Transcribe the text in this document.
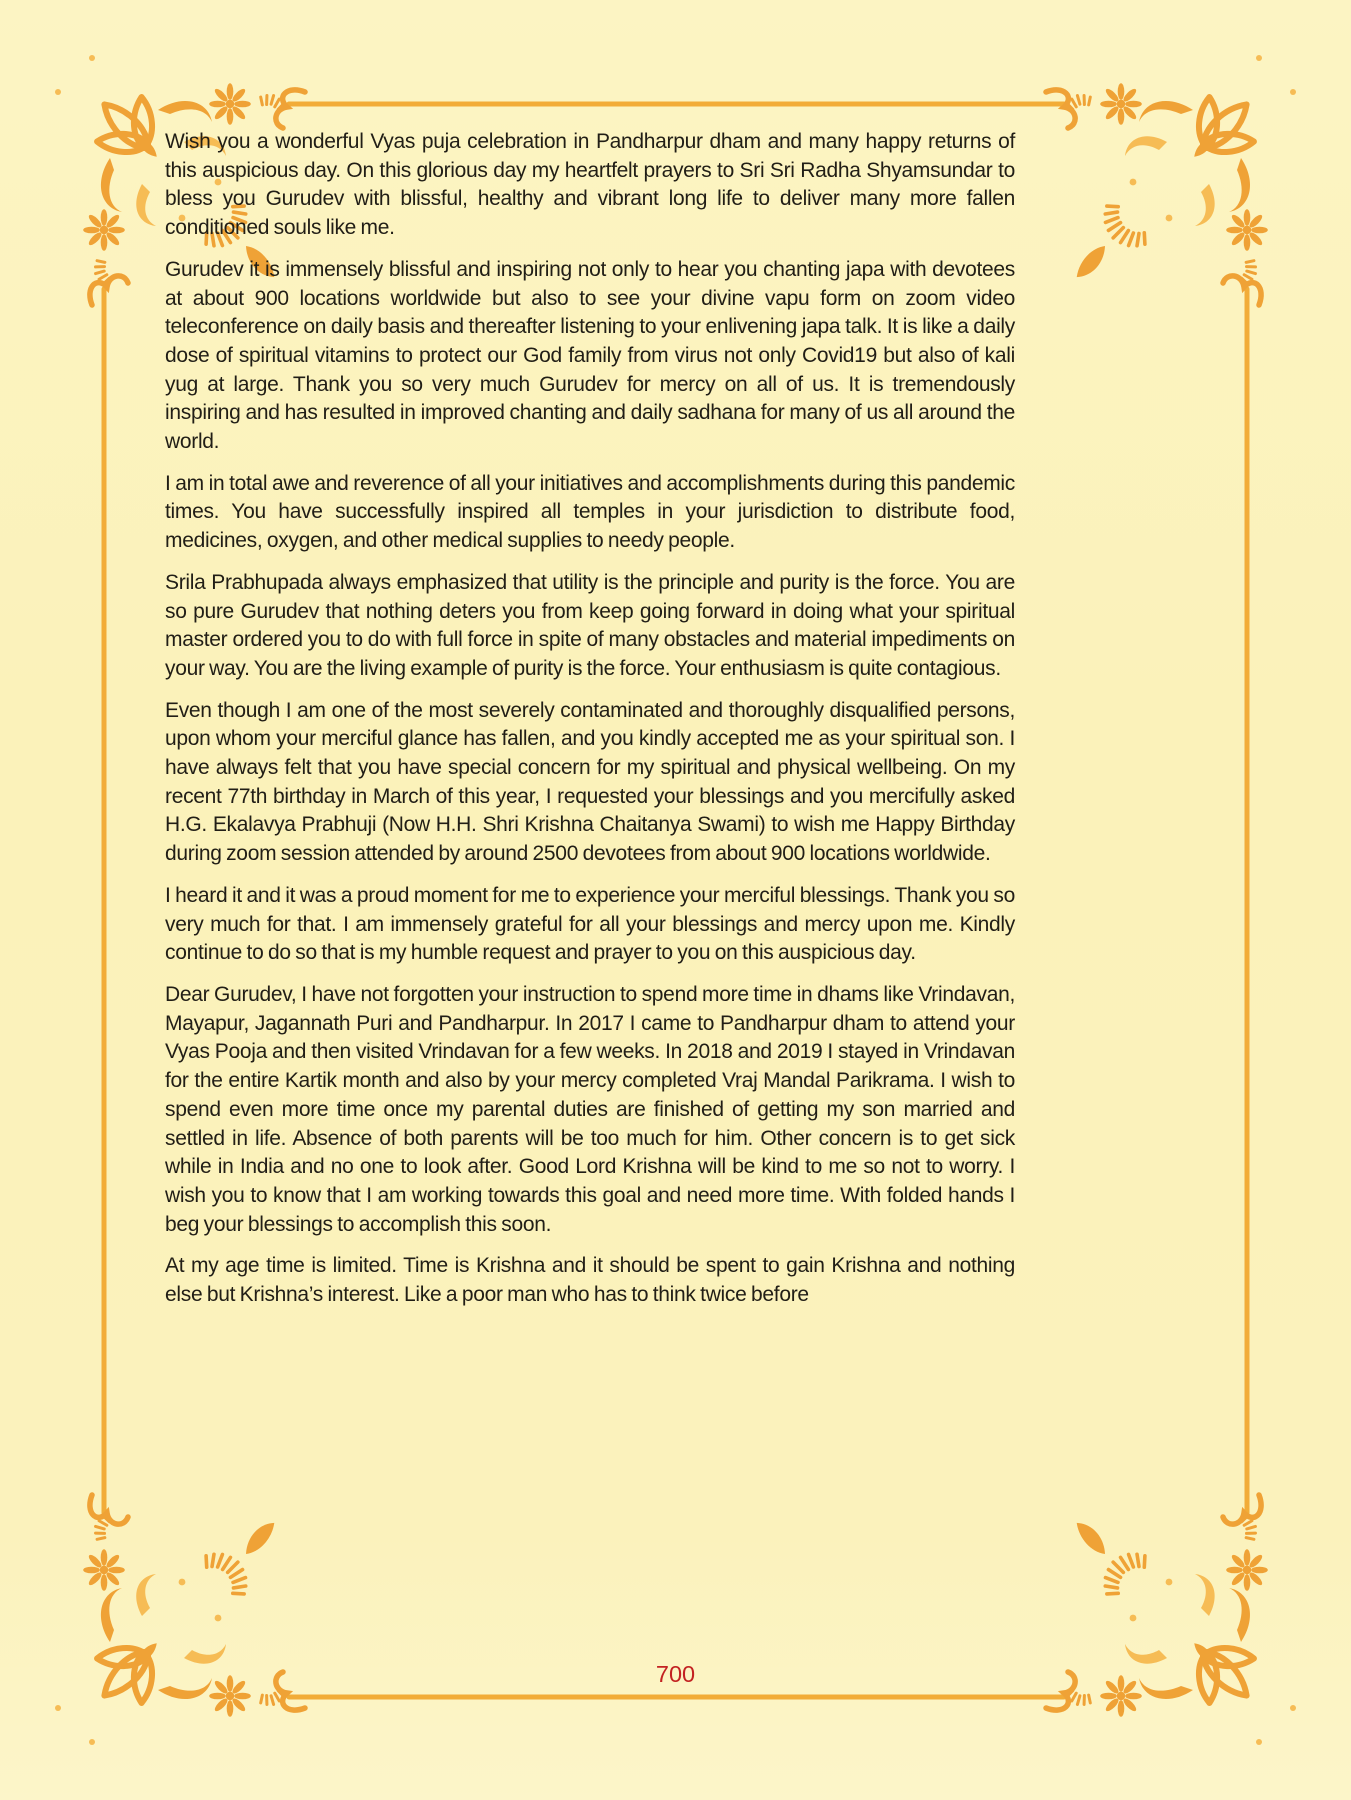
Wish you a wonderful Vyas puja celebration in Pandharpur dham and many happy returns of this auspicious day. On this glorious day my heartfelt prayers to Sri Sri Radha Shyamsundar to bless you Gurudev with blissful, healthy and vibrant long life to deliver many more fallen conditioned souls like me.

Gurudev it is immensely blissful and inspiring not only to hear you chanting japa with devotees at about 900 locations worldwide but also to see your divine vapu form on zoom video teleconference on daily basis and thereafter listening to your enlivening japa talk. It is like a daily dose of spiritual vitamins to protect our God family from virus not only Covid19 but also of kali yug at large. Thank you so very much Gurudev for mercy on all of us. It is tremendously inspiring and has resulted in improved chanting and daily sadhana for many of us all around the world.

I am in total awe and reverence of all your initiatives and accomplishments during this pandemic times. You have successfully inspired all temples in your jurisdiction to distribute food, medicines, oxygen, and other medical supplies to needy people.

Srila Prabhupada always emphasized that utility is the principle and purity is the force. You are so pure Gurudev that nothing deters you from keep going forward in doing what your spiritual master ordered you to do with full force in spite of many obstacles and material impediments on your way. You are the living example of purity is the force. Your enthusiasm is quite contagious.

Even though I am one of the most severely contaminated and thoroughly disqualified persons, upon whom your merciful glance has fallen, and you kindly accepted me as your spiritual son. I have always felt that you have special concern for my spiritual and physical wellbeing. On my recent 77th birthday in March of this year, I requested your blessings and you mercifully asked H.G. Ekalavya Prabhuji (Now H.H. Shri Krishna Chaitanya Swami) to wish me Happy Birthday during zoom session attended by around 2500 devotees from about 900 locations worldwide.

I heard it and it was a proud moment for me to experience your merciful blessings. Thank you so very much for that. I am immensely grateful for all your blessings and mercy upon me. Kindly continue to do so that is my humble request and prayer to you on this auspicious day.

Dear Gurudev, I have not forgotten your instruction to spend more time in dhams like Vrindavan, Mayapur, Jagannath Puri and Pandharpur. In 2017 I came to Pandharpur dham to attend your Vyas Pooja and then visited Vrindavan for a few weeks. In 2018 and 2019 I stayed in Vrindavan for the entire Kartik month and also by your mercy completed Vraj Mandal Parikrama. I wish to spend even more time once my parental duties are finished of getting my son married and settled in life. Absence of both parents will be too much for him. Other concern is to get sick while in India and no one to look after. Good Lord Krishna will be kind to me so not to worry. I wish you to know that I am working towards this goal and need more time. With folded hands I beg your blessings to accomplish this soon.

At my age time is limited. Time is Krishna and it should be spent to gain Krishna and nothing else but Krishna’s interest. Like a poor man who has to think twice before

700
